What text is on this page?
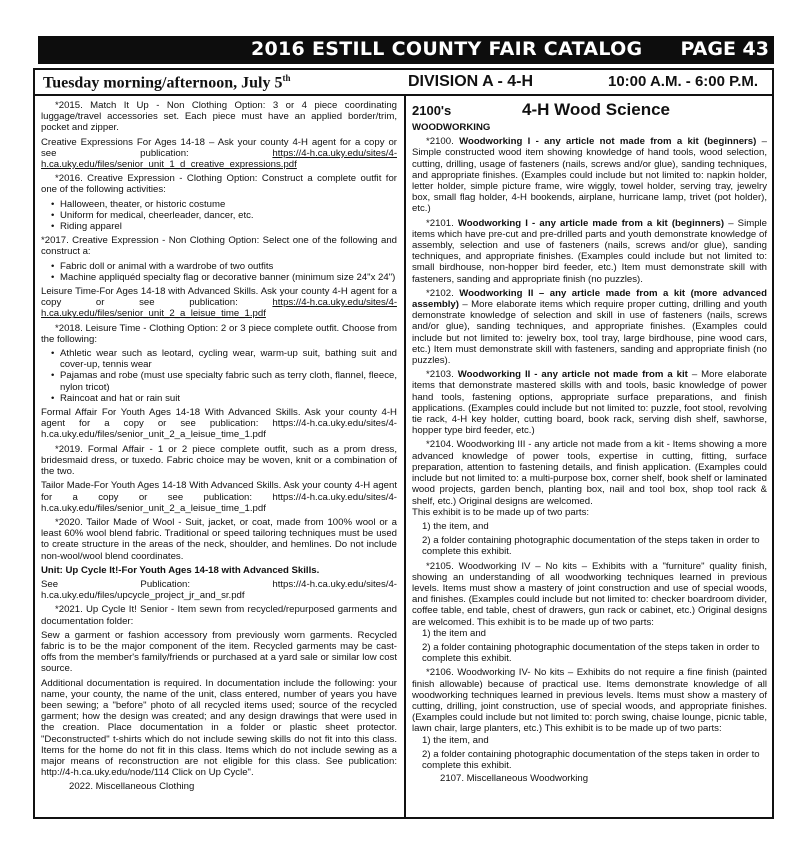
2016 ESTILL COUNTY FAIR CATALOG PAGE 43
Tuesday morning/afternoon, July 5th	DIVISION A - 4-H	10:00 A.M. - 6:00 P.M.

*2015. Match It Up - Non Clothing Option: 3 or 4 piece coordinating luggage/travel accessories set. Each piece must have an applied border/trim, pocket and zipper.

Creative Expressions For Ages 14-18 – Ask your county 4-H agent for a copy or see publication:	https://4-h.ca.uky.edu/sites/4-h.ca.uky.edu/files/senior_unit_1_d_creative_expressions.pdf

*2016. Creative Expression - Clothing Option: Construct a complete outfit for one of the following activities:

• Halloween, theater, or historic costume
• Uniform for medical, cheerleader, dancer, etc.
• Riding apparel

*2017. Creative Expression - Non Clothing Option: Select one of the following and construct a:

• Fabric doll or animal with a wardrobe of two outfits
• Machine appliquéd specialty flag or decorative banner (minimum size 24"x 24")

Leisure Time-For Ages 14-18 with Advanced Skills. Ask your county 4-H agent for a copy or see publication:	https://4-h.ca.uky.edu/sites/4-h.ca.uky.edu/files/senior_unit_2_a_leisue_time_1.pdf

*2018. Leisure Time - Clothing Option: 2 or 3 piece complete outfit. Choose from the following:

• Athletic wear such as leotard, cycling wear, warm-up suit, bathing suit and cover-up, tennis wear
• Pajamas and robe (must use specialty fabric such as terry cloth, flannel, fleece, nylon tricot)
• Raincoat and hat or rain suit

Formal Affair For Youth Ages 14-18 With Advanced Skills. Ask your county 4-H agent for a copy or see publication: https://4-h.ca.uky.edu/sites/4-h.ca.uky.edu/files/senior_unit_2_a_leisue_time_1.pdf

*2019. Formal Affair - 1 or 2 piece complete outfit, such as a prom dress, bridesmaid dress, or tuxedo. Fabric choice may be woven, knit or a combination of the two.

Tailor Made-For Youth Ages 14-18 With Advanced Skills. Ask your county 4-H agent for a copy or see publication: https://4-h.ca.uky.edu/sites/4-h.ca.uky.edu/files/senior_unit_2_a_leisue_time_1.pdf

*2020. Tailor Made of Wool - Suit, jacket, or coat, made from 100% wool or a least 60% wool blend fabric. Traditional or speed tailoring techniques must be used to create structure in the areas of the neck, shoulder, and hemlines. Do not include non-wool/wool blend coordinates.

Unit: Up Cycle It!-For Youth Ages 14-18 with Advanced Skills.

See Publication: https://4-h.ca.uky.edu/sites/4-h.ca.uky.edu/files/upcycle_project_jr_and_sr.pdf

*2021. Up Cycle It! Senior - Item sewn from recycled/repurposed garments and documentation folder:

Sew a garment or fashion accessory from previously worn garments. Recycled fabric is to be the major component of the item. Recycled garments may be cast-offs from the member's family/friends or purchased at a yard sale or similar low cost source.

Additional documentation is required. In documentation include the following: your name, your county, the name of the unit, class entered, number of years you have been sewing; a "before" photo of all recycled items used; source of the recycled garment; how the design was created; and any design drawings that were used in the creation. Place documentation in a folder or plastic sheet protector. "Deconstructed" t-shirts which do not include sewing skills do not fit into this class. Items for the home do not fit in this class. Items which do not include sewing as a major means of reconstruction are not eligible for this class. See publication: http://4-h.ca.uky.edu/node/114 Click on Up Cycle".

2022. Miscellaneous Clothing

2100's	4-H Wood Science

WOODWORKING

*2100. Woodworking I - any article not made from a kit (beginners) – Simple constructed wood item showing knowledge of hand tools, wood selection, cutting, drilling, usage of fasteners (nails, screws and/or glue), sanding techniques, and appropriate finishes. (Examples could include but not limited to: napkin holder, letter holder, simple picture frame, wire wiggly, towel holder, serving tray, jewelry box, small flag holder, 4-H bookends, airplane, hurricane lamp, trivet (pot holder), etc.)

*2101. Woodworking I - any article made from a kit (beginners) – Simple items which have pre-cut and pre-drilled parts and youth demonstrate knowledge of assembly, selection and use of fasteners (nails, screws and/or glue), sanding techniques, and appropriate finishes. (Examples could include but not limited to: small birdhouse, non-hopper bird feeder, etc.) Item must demonstrate skill with fasteners, sanding and appropriate finish (no puzzles).

*2102. Woodworking II – any article made from a kit (more advanced assembly) – More elaborate items which require proper cutting, drilling and youth demonstrate knowledge of selection and skill in use of fasteners (nails, screws and/or glue), sanding techniques, and appropriate finishes. (Examples could include but not limited to: jewelry box, tool tray, large birdhouse, pine wood cars, etc.) Item must demonstrate skill with fasteners, sanding and appropriate finish (no puzzles).

*2103. Woodworking II - any article not made from a kit – More elaborate items that demonstrate mastered skills with and tools, basic knowledge of power hand tools, fastening options, appropriate surface preparations, and finish applications. (Examples could include but not limited to: puzzle, foot stool, revolving tie rack, 4-H key holder, cutting board, book rack, serving dish shelf, sawhorse, hopper type bird feeder, etc.)

*2104. Woodworking III - any article not made from a kit - Items showing a more advanced knowledge of power tools, expertise in cutting, fitting, surface preparation, attention to fastening details, and finish application. (Examples could include but not limited to: a multi-purpose box, corner shelf, book shelf or laminated wood projects, garden bench, planting box, nail and tool box, shop tool rack & shelf, etc.) Original designs are welcomed.

This exhibit is to be made up of two parts:

1) the item, and

2) a folder containing photographic documentation of the steps taken in order to complete this exhibit.

*2105. Woodworking IV – No kits – Exhibits with a "furniture" quality finish, showing an understanding of all woodworking techniques learned in previous levels. Items must show a mastery of joint construction and use of special woods, and finishes. (Examples could include but not limited to: checker boardroom divider, coffee table, end table, chest of drawers, gun rack or cabinet, etc.) Original designs are welcomed. This exhibit is to be made up of two parts:

1) the item and

2) a folder containing photographic documentation of the steps taken in order to complete this exhibit.

*2106. Woodworking IV- No kits – Exhibits do not require a fine finish (painted finish allowable) because of practical use. Items demonstrate knowledge of all woodworking techniques learned in previous levels. Items must show a mastery of cutting, drilling, joint construction, use of special woods, and appropriate finishes. (Examples could include but not limited to: porch swing, chaise lounge, picnic table, lawn chair, large planters, etc.) This exhibit is to be made up of two parts:

1) the item, and

2) a folder containing photographic documentation of the steps taken in order to complete this exhibit.

2107. Miscellaneous Woodworking
